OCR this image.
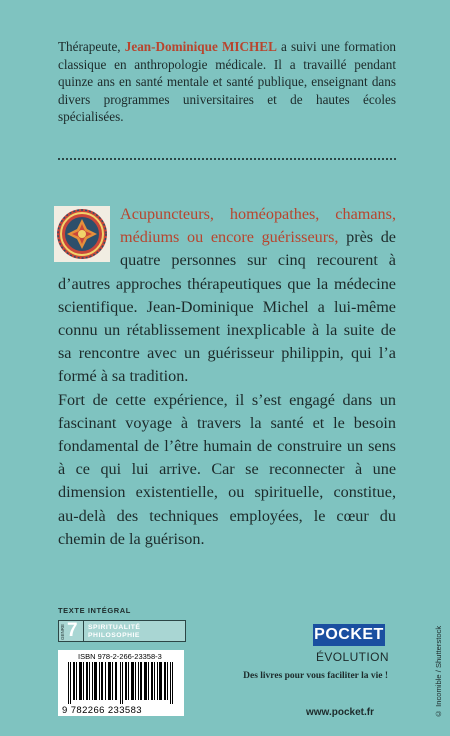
Thérapeute, Jean-Dominique MICHEL a suivi une formation classique en anthropologie médicale. Il a travaillé pendant quinze ans en santé mentale et santé publique, enseignant dans divers programmes universitaires et de hautes écoles spécialisées.

Acupuncteurs, homéopathes, chamans, médiums ou encore guérisseurs, près de quatre personnes sur cinq recourent à d’autres approches thérapeutiques que la médecine scientifique. Jean-Dominique Michel a lui-même connu un rétablissement inexplicable à la suite de sa rencontre avec un guérisseur philippin, qui l’a formé à sa tradition.

Fort de cette expérience, il s’est engagé dans un fascinant voyage à travers la santé et le besoin fondamental de l’être humain de construire un sens à ce qui lui arrive. Car se reconnecter à une dimension existentielle, ou spirituelle, constitue, au-delà des techniques employées, le cœur du chemin de la guérison.

TEXTE INTÉGRAL
GENRE 7 SPIRITUALITÉ
PHILOSOPHIE
ISBN 978-2-266-23358-3
9 782266 233583
POCKET
ÉVOLUTION
Des livres pour vous faciliter la vie !
www.pocket.fr	© Incomible / Shutterstock
